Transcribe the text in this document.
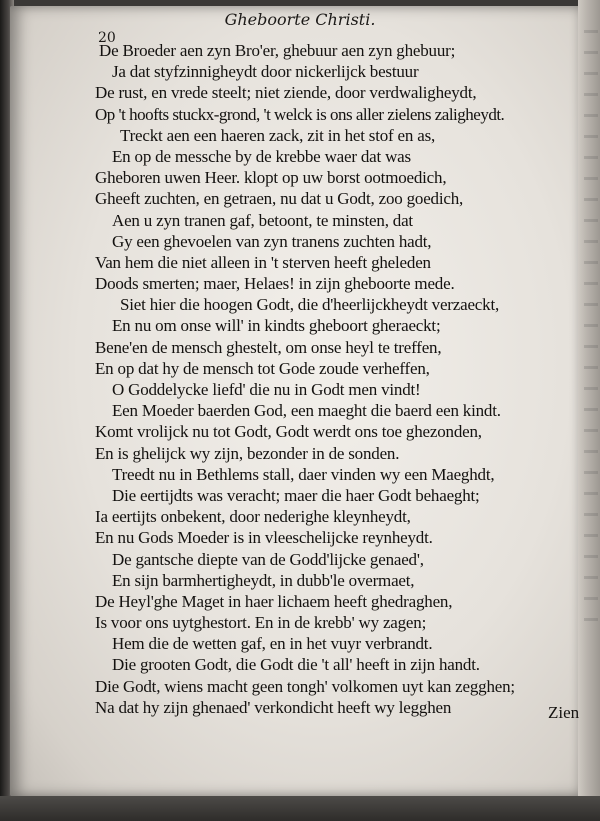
Gheboorte Christi.
20
De Broeder aen zyn Bro'er, ghebuur aen zyn ghebuur;
Ja dat styfzinnigheydt door nickerlijck bestuur
De rust, en vrede steelt; niet ziende, door verdwaligheydt,
Op 't hoofts stuckx-grond, 't welck is ons aller zielens zaligheydt.
Treckt aen een haeren zack, zit in het stof en as,
En op de messche by de krebbe waer dat was
Gheboren uwen Heer. klopt op uw borst ootmoedich,
Gheeft zuchten, en getraen, nu dat u Godt, zoo goedich,
Aen u zyn tranen gaf, betoont, te minsten, dat
Gy een ghevoelen van zyn tranens zuchten hadt,
Van hem die niet alleen in 't sterven heeft gheleden
Doods smerten; maer, Helaes! in zijn gheboorte mede.
Siet hier die hoogen Godt, die d'heerlijckheydt verzaeckt,
En nu om onse will' in kindts gheboort gheraeckt;
Bene'en de mensch ghestelt, om onse heyl te treffen,
En op dat hy de mensch tot Gode zoude verheffen,
O Goddelycke liefd' die nu in Godt men vindt!
Een Moeder baerden God, een maeght die baerd een kindt.
Komt vrolijck nu tot Godt, Godt werdt ons toe ghezonden,
En is ghelijck wy zijn, bezonder in de sonden.
Treedt nu in Bethlems stall, daer vinden wy een Maeghdt,
Die eertijdts was veracht; maer die haer Godt behaeght;
Ia eertijts onbekent, door nederighe kleynheydt,
En nu Gods Moeder is in vleeschelijcke reynheydt.
De gantsche diepte van de Godd'lijcke genaed',
En sijn barmhertigheydt, in dubb'le overmaet,
De Heyl'ghe Maget in haer lichaem heeft ghedraghen,
Is voor ons uytghestort. En in de krebb' wy zagen;
Hem die de wetten gaf, en in het vuyr verbrandt.
Die grooten Godt, die Godt die 't all' heeft in zijn handt.
Die Godt, wiens macht geen tongh' volkomen uyt kan zegghen;
Na dat hy zijn ghenaed' verkondicht heeft wy legghen	Zien
